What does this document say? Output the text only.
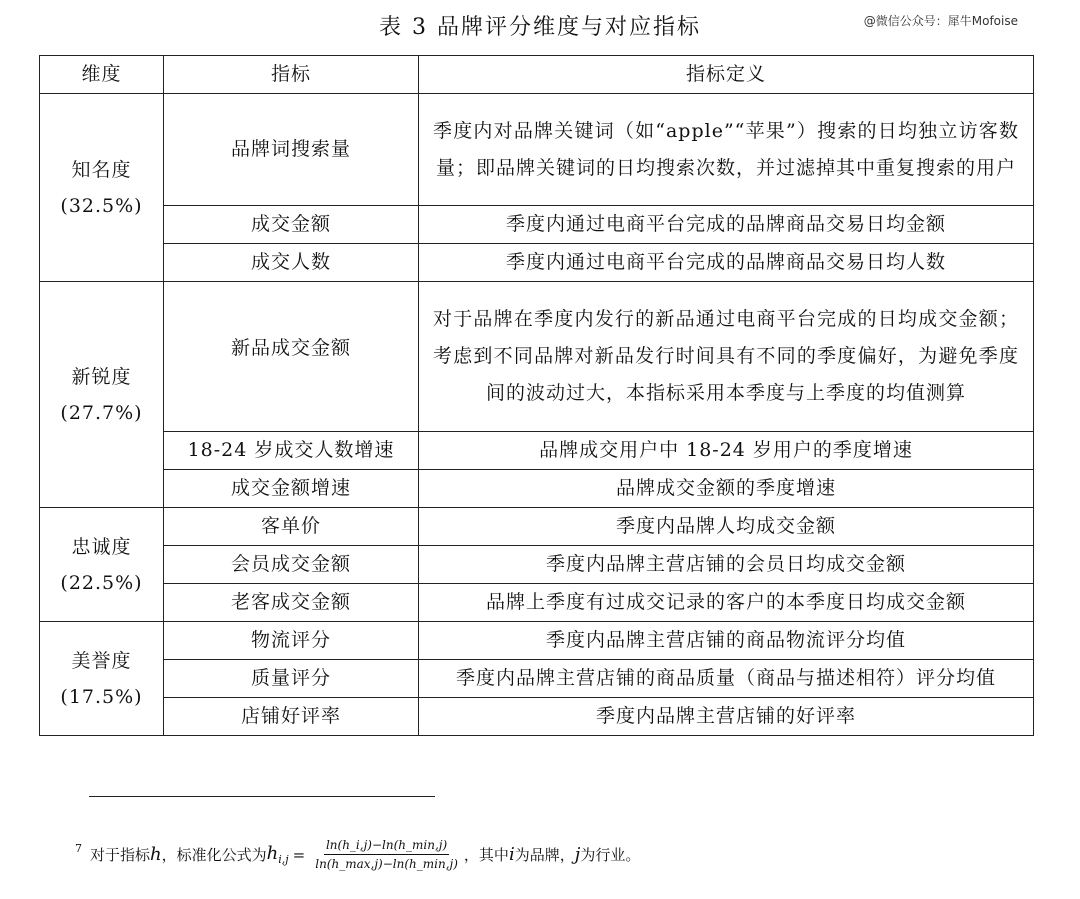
表 3 品牌评分维度与对应指标	@微信公众号：犀牛Mofoise
维度	指标	指标定义

知名度
(32.5%)	品牌词搜索量	季度内对品牌关键词（如“apple”“苹果”）搜索的日均独立访客数量；即品牌关键词的日均搜索次数，并过滤掉其中重复搜索的用户
	成交金额	季度内通过电商平台完成的品牌商品交易日均金额
	成交人数	季度内通过电商平台完成的品牌商品交易日均人数

新锐度
(27.7%)	新品成交金额	对于品牌在季度内发行的新品通过电商平台完成的日均成交金额；考虑到不同品牌对新品发行时间具有不同的季度偏好，为避免季度间的波动过大，本指标采用本季度与上季度的均值测算
	18-24 岁成交人数增速	品牌成交用户中 18-24 岁用户的季度增速
	成交金额增速	品牌成交金额的季度增速

忠诚度
(22.5%)	客单价	季度内品牌人均成交金额
	会员成交金额	季度内品牌主营店铺的会员日均成交金额
	老客成交金额	品牌上季度有过成交记录的客户的本季度日均成交金额

美誉度
(17.5%)	物流评分	季度内品牌主营店铺的商品物流评分均值
	质量评分	季度内品牌主营店铺的商品质量（商品与描述相符）评分均值
	店铺好评率	季度内品牌主营店铺的好评率
7 对于指标 h ，标准化公式为 $h_{i,j} = \frac{\ln(h\_i,j)-\ln(h\_\min,j)}{\ln(h\_\max,j)-\ln(h\_\min,j)}$ ，其中 i 为品牌， j 为行业。
